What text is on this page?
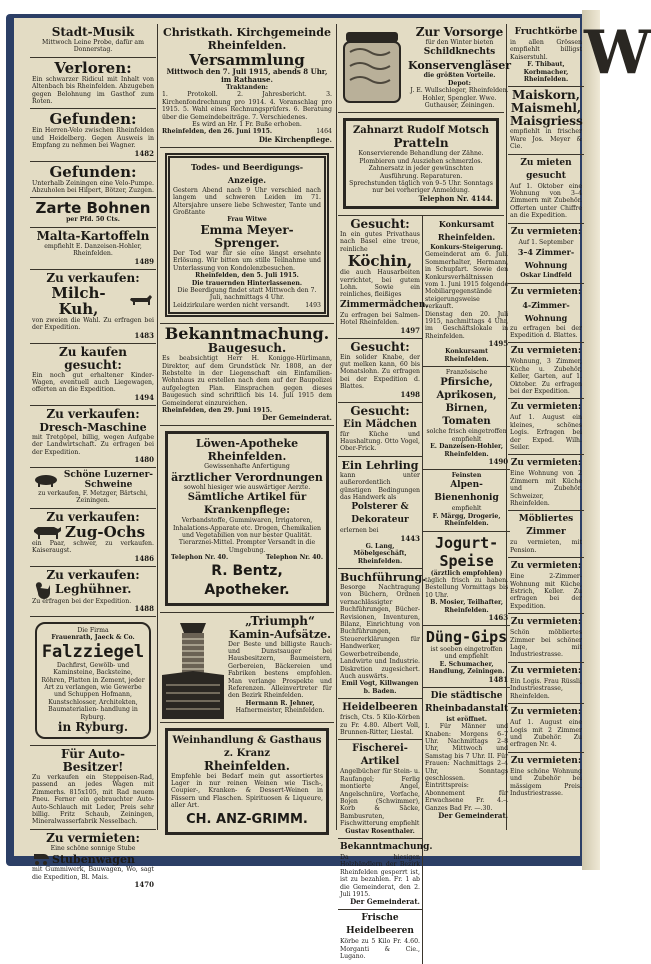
W
Stadt-Musik
Mittwoch Leine Probe, dafür am Donnerstag.
Verloren:
Ein schwarzer Ridicul mit Inhalt von Altenbach bis Rheinfelden. Abzugeben gegen Belohnung im Gasthof zum Roten.
Gefunden:
Ein Herren-Velo zwischen Rheinfelden und Heidelberg. Gegen Ausweis in Empfang zu nehmen bei Wagner.
1482
Gefunden:
Unterhalb Zeiningen eine Velo-Pumpe. Abzuholen bei Hilpert, Bötzer, Zuzgen.
Zarte Bohnen
per Pfd. 50 Cts.
Malta-Kartoffeln
empfiehlt E. Danzeisen-Hohler, Rheinfelden.
1489
Zu verkaufen:
Milch-Kuh,
von zweien die Wahl. Zu erfragen bei der Expedition.
1483
Zu kaufen gesucht:
Ein noch gut erhaltener Kinder-Wagen, eventuell auch Liegewagen, offerten an die Expedition.
1494
Zu verkaufen:
Dresch-Maschine
mit Tretgöpel, billig, wegen Aufgabe der Landwirtschaft. Zu erfragen bei der Expedition.
1480
Schöne Luzerner-Schweine
zu verkaufen, F. Metzger, Bärtschi, Zeiningen.
Zu verkaufen:
Zug-Ochs
ein Paar, schwer, zu verkaufen. Kaiseraugst.
1486
Zu verkaufen:
Leghühner.
Zu erfragen bei der Expedition.
1488
Die Firma
Frauenrath, Jaeck & Co.
Falzziegel
Dachfirst, Gewölb- und Kaminsteine, Backsteine, Röhren, Platten in Zement, jeder Art zu verlangen, wie Gewerbe und Schuppen Hofmann, Kunstschlosser, Architekten, Baumaterialien- handlung in Ryburg.
in Ryburg.
Für Auto-Besitzer!
Zu verkaufen ein Steppeisen-Rad, passend an jedes Wagen mit Zimmerhs. 815x105, mit Rad neuem Pneu. Ferner ein gebrauchter Auto-Auto-Schlauch mit Leder, Preis sehr billig. Fritz Schaub, Zeiningen, Mineralwasserfabrik Nesselbach.
Zu vermieten:
Eine schöne sonnige Stube
Stubenwagen
mit Gummiwerk, Bauwagen, Wo, sagt die Expedition, Bl. Mais.
1470
Christkath. Kirchgemeinde Rheinfelden.
Versammlung
Mittwoch den 7. Juli 1915, abends 8 Uhr, im Rathause.
Traktanden:
1. Protokoll. 2. Jahresbericht. 3. Kirchenfondrechnung pro 1914. 4. Voranschlag pro 1915. 5. Wahl eines Rechnungsprüfers. 6. Beratung über die Gemeindebeiträge. 7. Verschiedenes.
Es wird an Hr. 1 Fr. Buße erhoben.
Rheinfelden, den 26. Juni 1915.	1464
Die Kirchenpflege.
Todes- und Beerdigungs-Anzeige.
Gestern Abend nach 9 Uhr verschied nach langem und schweren Leiden im 71. Altersjahre unsere liebe Schwester, Tante und Großtante
Frau Witwe
Emma Meyer-Sprenger.
Der Tod war für sie eine längst ersehnte Erlösung. Wir bitten um stille Teilnahme und Unterlassung von Kondolenzbesuchen.
Rheinfelden, den 5. Juli 1915.
Die trauernden Hinterlassenen.
Die Beerdigung findet statt Mittwoch den 7. Juli, nachmittags 4 Uhr.
Leidzirkulare werden nicht versandt.	1493
Bekanntmachung.
Baugesuch.
Es beabsichtigt Herr H. Konigge-Hürlimann, Direktor, auf dem Grundstück Nr. 1808, an der Rebstelte in der Liegenschaft ein Einfamilien-Wohnhaus zu erstellen nach dem auf der Baupolizei aufgelegten Plan. Einsprachen gegen dieses Baugesuch sind schriftlich bis 14. Juli 1915 dem Gemeinderat einzureichen.
Rheinfelden, den 29. Juni 1915.
Der Gemeinderat.
Löwen-Apotheke Rheinfelden.
Gewissenhafte Anfertigung
ärztlicher Verordnungen
sowohl hiesiger wie auswärtiger Aerzte.
Sämtliche Artikel für Krankenpflege:
Verbandstoffe, Gummiwaren, Irrigatoren, Inhalations-Apparate etc. Drogen, Chemikalien und Vegetabilien von nur bester Qualität. Tierarznei-Mittel. Prompter Versandt in die Umgebung.
Telephon Nr. 40.	Telephon Nr. 40.
R. Bentz, Apotheker.
„Triumph“
Kamin-Aufsätze.
Der Beste und billigste Rauch- und Dunstsauger bei Hausbesitzern, Baumeistern, Gerbereien, Bäckereien und Fabriken bestens empfohlen. Man verlange Prospekte und Referenzen. Alleinvertreter für den Bezirk Rheinfelden.
Hermann R. Jehner,
Hafnermeister, Rheinfelden.
Weinhandlung & Gasthaus z. Kranz
Rheinfelden.
Empfehle bei Bedarf mein gut assortiertes Lager in nur reinen Weinen wie Tisch-, Coupier-, Kranken- & Dessert-Weinen in Fässern und Flaschen. Spirituosen & Liqueure, aller Art.
CH. ANZ-GRIMM.
Zur Vorsorge
für den Winter bieten
Schildknechts
Konservengläser
die größten Vorteile.
Depot:
J. E. Wullschleger, Rheinfelden. Hohler, Spengler. Wwe. Guthauser, Zeiningen.
Zahnarzt Rudolf Motsch
Pratteln
Konservierende Behandlung der Zähne. Plombieren und Ausziehen schmerzlos. Zahnersatz in jeder gewünschten Ausführung. Reparaturen.
Sprechstunden täglich von 9–5 Uhr. Sonntags nur bei vorheriger Anmeldung.
Telephon Nr. 4144.
Gesucht:
In ein gutes Privathaus nach Basel eine treue, reinliche
Köchin,
die auch Hausarbeiten verrichtet, bei gutem Lohn. Sowie ein reinliches, fleißiges
Zimmermädchen.
Zu erfragen bei Salmen-Hotel Rheinfelden.
1497
Gesucht:
Ein solider Knabe, der gut melken kann, 60 bis Monatslohn. Zu erfragen bei der Expedition d. Blattes.
1498
Gesucht:
Ein Mädchen
für Küche und Haushaltung. Otto Vogel, Ober-Frick.
Ein Lehrling
kann unter außerordentlich günstigen Bedingungen das Handwerk als
Polsterer & Dekorateur
erlernen bei
1443
G. Lang, Möbelgeschäft, Rheinfelden.
Buchführung.
Besorge Nachtragung von Büchern, Ordnen vernachlässigter Buchführungen, Bücher-Revisionen, Inventuren, Bilanz, Einrichtung von Buchführungen, Steuererklärungen für Handwerker, Gewerbetreibende, Landwirte und Industrie. Diskretion zugesichert. Auch auswärts.
Emil Vogt, Killwangen b. Baden.
Heidelbeeren
frisch, Cts. 5 Kilo-Körben zu Fr. 4.80. Albert Voll, Brunnen-Ritter, Liestal.
Fischerei-Artikel
Angelbücher für Stein- u. Raufangel; Ferlig montierte Angel, Angelschnüre, Vorfache, Bojen (Schwimmer), Korb & Säcke, Bambusruten, Fischwitterung empfiehlt
Gustav Rosenthaler.
Bekanntmachung.
Da hiesigen Holzhändlern der Bezirk Rheinfelden gesperrt ist, ist zu bezahlen. Fr. 1 ab die Gemeinderat, den 2. Juli 1915.
Der Gemeinderat.
Frische Heidelbeeren
Körbe zu 5 Kilo Fr. 4.60. Morganti & Cie., Lugano.
Konkursamt Rheinfelden.
Konkurs-Steigerung.
Gemeinderat am 6. Juli. Sommerhalter, Hermann, in Schupfart. Sowie den Konkursverhältnissen vom 1. Juni 1915 folgende Mobiliargegenstände steigerungsweise verkauft.
Dienstag den 20. Juli 1915, nachmittags 4 Uhr, im Geschäftslokale in Rheinfelden.
1495
Konkursamt Rheinfelden.
Französische
Pfirsiche, Aprikosen,
Birnen, Tomaten
solche frisch eingetroffen empfiehlt
E. Danzeisen-Hohler, Rheinfelden.
1490
Feinsten
Alpen-Bienenhonig
empfiehlt
F. Märgg, Drogerie, Rheinfelden.
Jogurt-Speise
(ärztlich empfohlen)
täglich frisch zu haben. Bestellung Vormittags bis 10 Uhr.
B. Mosier, Teilhafter, Rheinfelden.
1463
Düng-Gips
ist soeben eingetroffen und empfiehlt
E. Schumacher, Handlung, Zeiningen.
1481
Die städtische Rheinbadanstalt
ist eröffnet.
I. Für Männer und Knaben: Morgens 6–7 Uhr. Nachmittags 2–8 Uhr, Mittwoch und Samstag bis 7 Uhr. II. Für Frauen: Nachmittags 2–4 Uhr, Sonntags geschlossen. Eintrittspreis: Abonnement für Erwachsene Fr. 4.–. Ganzes Bad Fr. —.30.
Der Gemeinderat.
Fruchtkörbe
in allen Grössen empfiehlt billigst Kaiserstuhl.
F. Thibaut, Korbmacher, Rheinfelden.
Maiskorn,
Maismehl,
Maisgriess
empfiehlt in frischer Ware Jos. Meyer & Cie.
Zu mieten gesucht
Auf 1. Oktober eine Wohnung von 3–4 Zimmern mit Zubehör. Offerten unter Chiffre an die Expedition.
Zu vermieten:
Auf 1. September
3–4 Zimmer-Wohnung
Oskar Lindfeld
Zu vermieten:
4-Zimmer-Wohnung
zu erfragen bei der Expedition d. Blattes.
Zu vermieten:
Wohnung, 3 Zimmer, Küche u. Zubehör, Keller, Garten, auf 1. Oktober. Zu erfragen bei der Expedition.
Zu vermieten:
Auf 1. August ein kleines, schönes Logis. Erfragen bei der Exped. Wilh. Seiler.
Zu vermieten:
Eine Wohnung von 2 Zimmern mit Küche und Zubehör. Schweizer, Rheinfelden.
Möbliertes Zimmer
zu vermieten, mit Pension.
Zu vermieten:
Eine 2-Zimmer-Wohnung mit Küche, Estrich, Keller. Zu erfragen bei der Expedition.
Zu vermieten:
Schön möbliertes Zimmer bei schöner Lage, mit Industriestrasse.
Zu vermieten:
Ein Logis. Frau Rüssli, Industriestrasse, Rheinfelden.
Zu vermieten:
Auf 1. August eine Logis mit 2 Zimmer und Zubehör. Zu erfragen Nr. 4.
Zu vermieten:
Eine schöne Wohnung und Zubehör bei mässigem Preis. Industriestrasse.
